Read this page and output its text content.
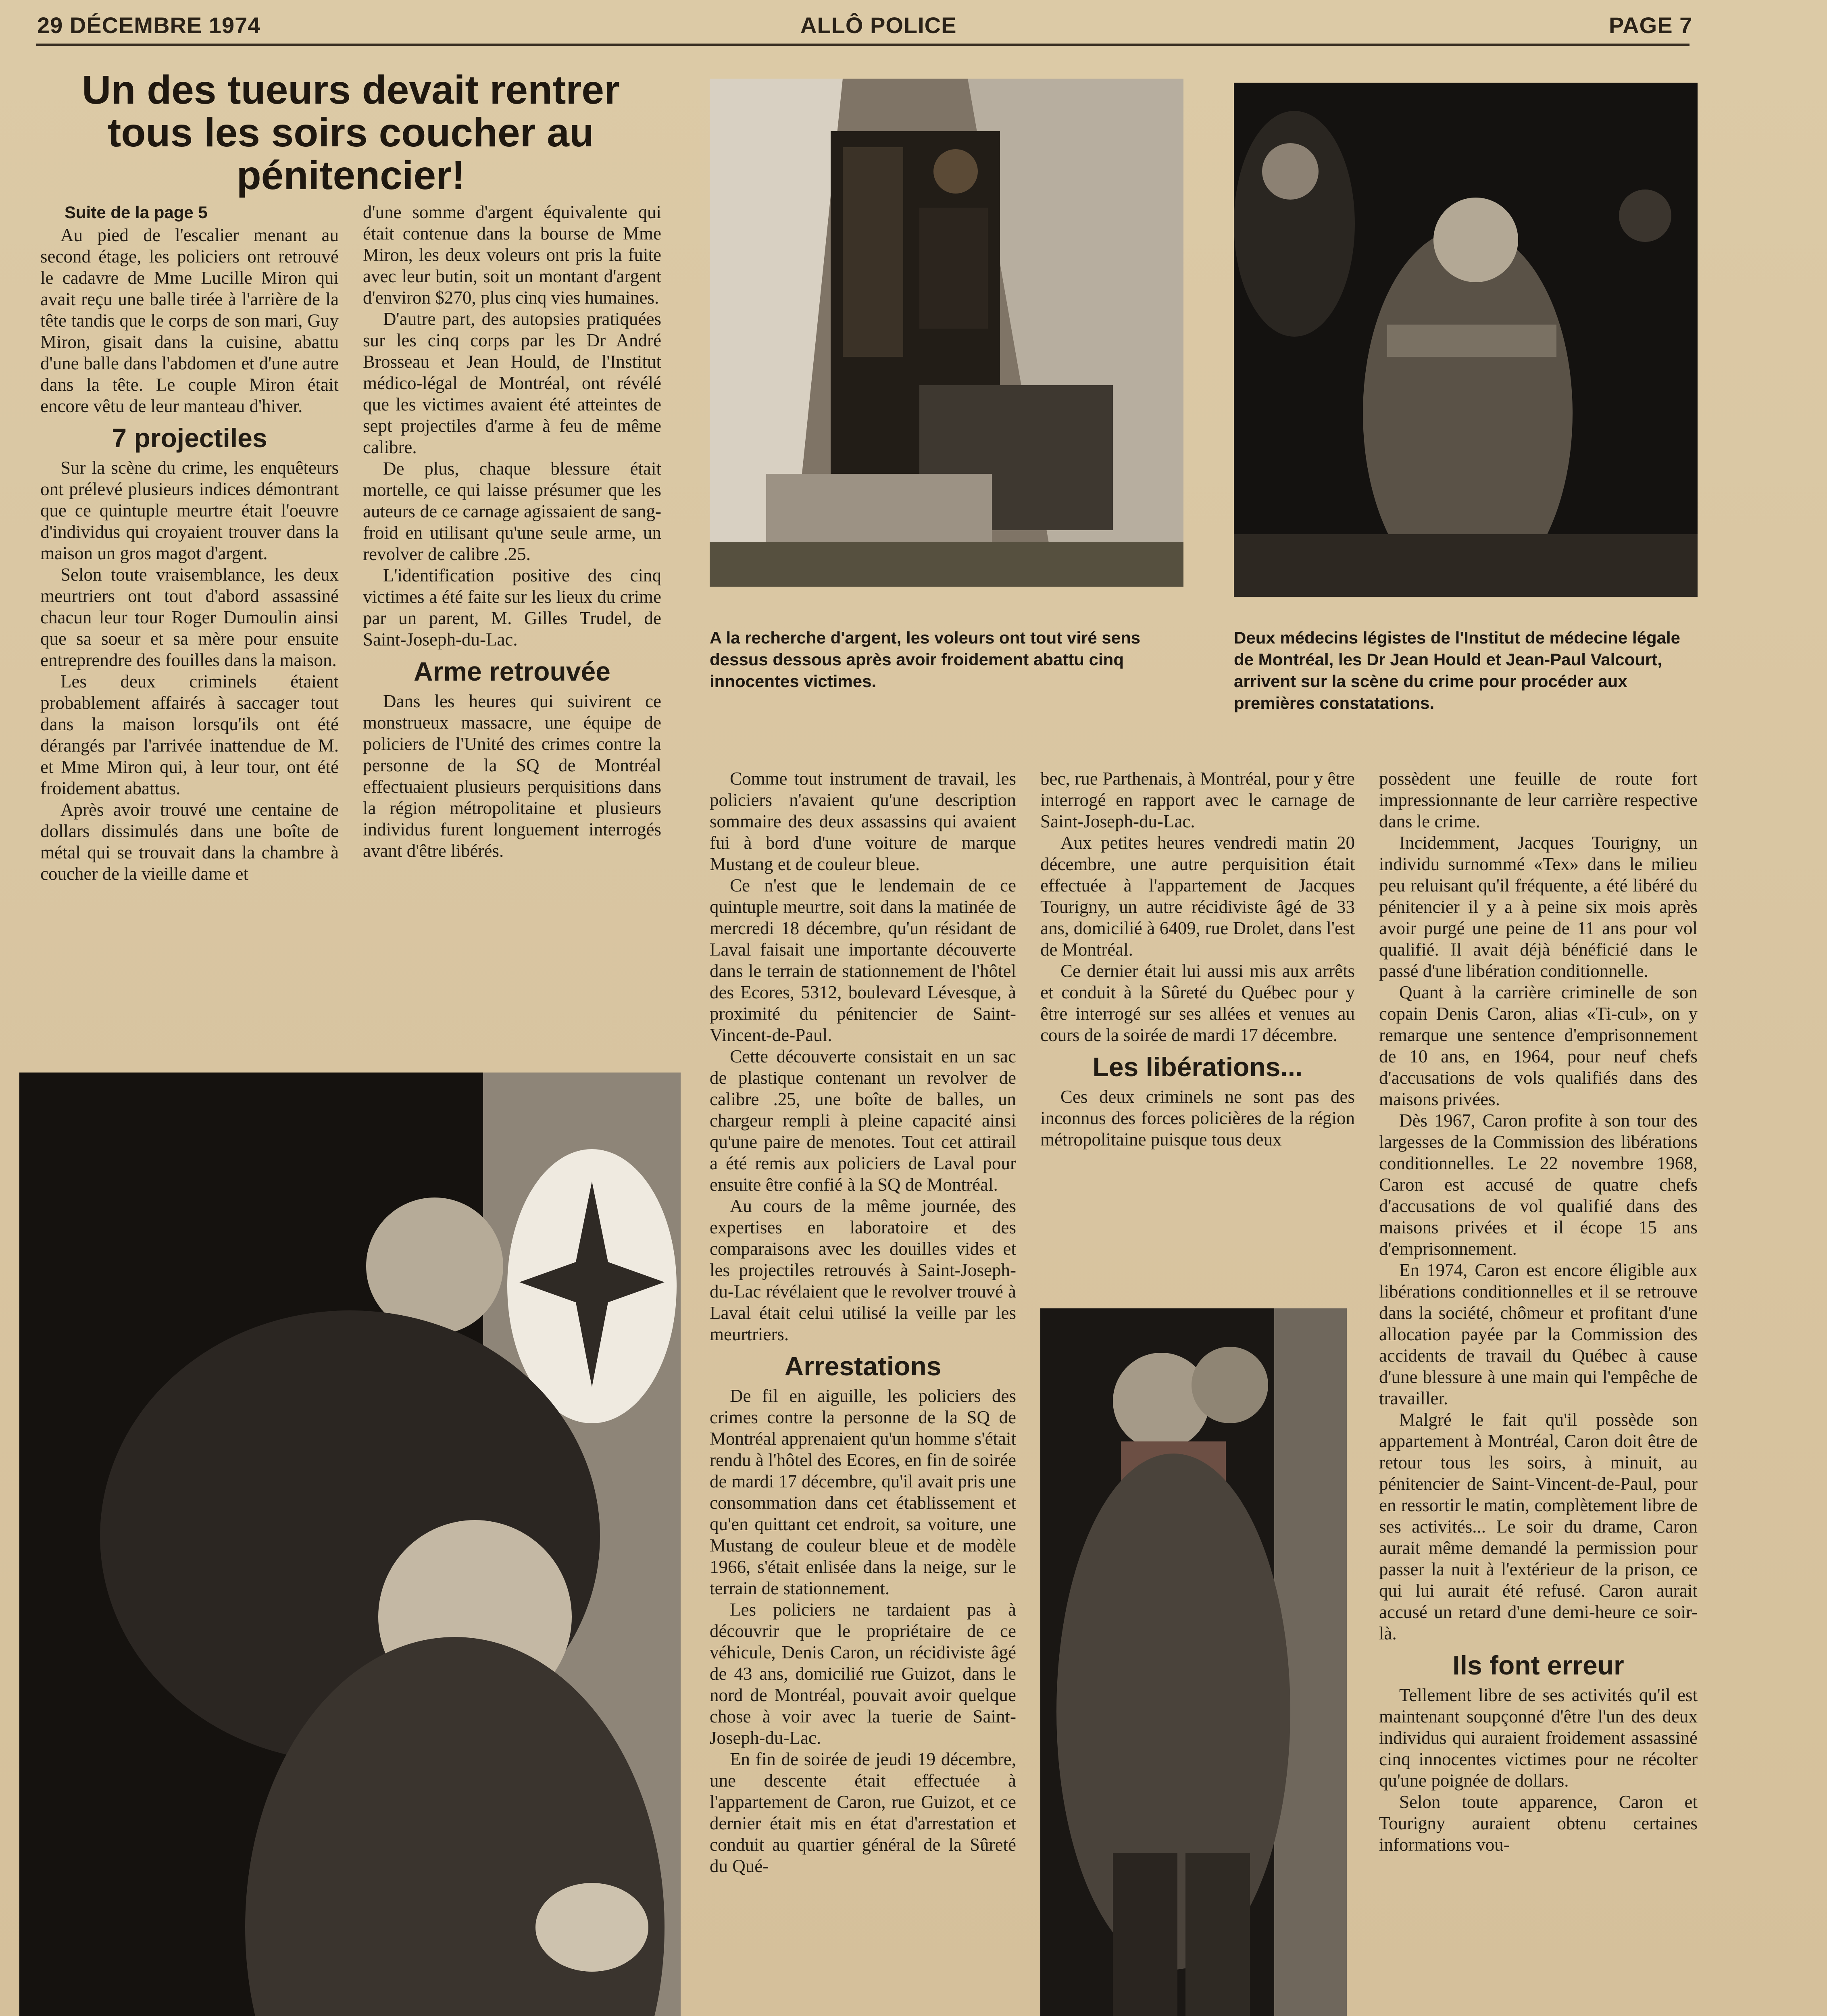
29 DÉCEMBRE 1974	ALLÔ POLICE	PAGE 7
Un des tueurs devait rentrer tous les soirs coucher au pénitencier!

Suite de la page 5

Au pied de l'escalier menant au second étage, les policiers ont retrouvé le cadavre de Mme Lucille Miron qui avait reçu une balle tirée à l'arrière de la tête tandis que le corps de son mari, Guy Miron, gisait dans la cuisine, abattu d'une balle dans l'abdomen et d'une autre dans la tête. Le couple Miron était encore vêtu de leur manteau d'hiver.

7 projectiles

Sur la scène du crime, les enquêteurs ont prélevé plusieurs indices démontrant que ce quintuple meurtre était l'oeuvre d'individus qui croyaient trouver dans la maison un gros magot d'argent.

Selon toute vraisemblance, les deux meurtriers ont tout d'abord assassiné chacun leur tour Roger Dumoulin ainsi que sa soeur et sa mère pour ensuite entreprendre des fouilles dans la maison.

Les deux criminels étaient probablement affairés à saccager tout dans la maison lorsqu'ils ont été dérangés par l'arrivée inattendue de M. et Mme Miron qui, à leur tour, ont été froidement abattus.

Après avoir trouvé une centaine de dollars dissimulés dans une boîte de métal qui se trouvait dans la chambre à coucher de la vieille dame et

d'une somme d'argent équivalente qui était contenue dans la bourse de Mme Miron, les deux voleurs ont pris la fuite avec leur butin, soit un montant d'argent d'environ $270, plus cinq vies humaines.

D'autre part, des autopsies pratiquées sur les cinq corps par les Dr André Brosseau et Jean Hould, de l'Institut médico-légal de Montréal, ont révélé que les victimes avaient été atteintes de sept projectiles d'arme à feu de même calibre.

De plus, chaque blessure était mortelle, ce qui laisse présumer que les auteurs de ce carnage agissaient de sang-froid en utilisant qu'une seule arme, un revolver de calibre .25.

L'identification positive des cinq victimes a été faite sur les lieux du crime par un parent, M. Gilles Trudel, de Saint-Joseph-du-Lac.

Arme retrouvée

Dans les heures qui suivirent ce monstrueux massacre, une équipe de policiers de l'Unité des crimes contre la personne de la SQ de Montréal effectuaient plusieurs perquisitions dans la région métropolitaine et plusieurs individus furent longuement interrogés avant d'être libérés.

A la recherche d'argent, les voleurs ont tout viré sens dessus dessous après avoir froidement abattu cinq innocentes victimes.
Deux médecins légistes de l'Institut de médecine légale de Montréal, les Dr Jean Hould et Jean-Paul Valcourt, arrivent sur la scène du crime pour procéder aux premières constatations.

Comme tout instrument de travail, les policiers n'avaient qu'une description sommaire des deux assassins qui avaient fui à bord d'une voiture de marque Mustang et de couleur bleue.

Ce n'est que le lendemain de ce quintuple meurtre, soit dans la matinée de mercredi 18 décembre, qu'un résidant de Laval faisait une importante découverte dans le terrain de stationnement de l'hôtel des Ecores, 5312, boulevard Lévesque, à proximité du pénitencier de Saint-Vincent-de-Paul.

Cette découverte consistait en un sac de plastique contenant un revolver de calibre .25, une boîte de balles, un chargeur rempli à pleine capacité ainsi qu'une paire de menotes. Tout cet attirail a été remis aux policiers de Laval pour ensuite être confié à la SQ de Montréal.

Au cours de la même journée, des expertises en laboratoire et des comparaisons avec les douilles vides et les projectiles retrouvés à Saint-Joseph-du-Lac révélaient que le revolver trouvé à Laval était celui utilisé la veille par les meurtriers.

Arrestations

De fil en aiguille, les policiers des crimes contre la personne de la SQ de Montréal apprenaient qu'un homme s'était rendu à l'hôtel des Ecores, en fin de soirée de mardi 17 décembre, qu'il avait pris une consommation dans cet établissement et qu'en quittant cet endroit, sa voiture, une Mustang de couleur bleue et de modèle 1966, s'était enlisée dans la neige, sur le terrain de stationnement.

Les policiers ne tardaient pas à découvrir que le propriétaire de ce véhicule, Denis Caron, un récidiviste âgé de 43 ans, domicilié rue Guizot, dans le nord de Montréal, pouvait avoir quelque chose à voir avec la tuerie de Saint-Joseph-du-Lac.

En fin de soirée de jeudi 19 décembre, une descente était effectuée à l'appartement de Caron, rue Guizot, et ce dernier était mis en état d'arrestation et conduit au quartier général de la Sûreté du Qué-

bec, rue Parthenais, à Montréal, pour y être interrogé en rapport avec le carnage de Saint-Joseph-du-Lac.

Aux petites heures vendredi matin 20 décembre, une autre perquisition était effectuée à l'appartement de Jacques Tourigny, un autre récidiviste âgé de 33 ans, domicilié à 6409, rue Drolet, dans l'est de Montréal.

Ce dernier était lui aussi mis aux arrêts et conduit à la Sûreté du Québec pour y être interrogé sur ses allées et venues au cours de la soirée de mardi 17 décembre.

Les libérations...

Ces deux criminels ne sont pas des inconnus des forces policières de la région métropolitaine puisque tous deux

possèdent une feuille de route fort impressionnante de leur carrière respective dans le crime.

Incidemment, Jacques Tourigny, un individu surnommé «Tex» dans le milieu peu reluisant qu'il fréquente, a été libéré du pénitencier il y a à peine six mois après avoir purgé une peine de 11 ans pour vol qualifié. Il avait déjà bénéficié dans le passé d'une libération conditionnelle.

Quant à la carrière criminelle de son copain Denis Caron, alias «Ti-cul», on y remarque une sentence d'emprisonnement de 10 ans, en 1964, pour neuf chefs d'accusations de vols qualifiés dans des maisons privées.

Dès 1967, Caron profite à son tour des largesses de la Commission des libérations conditionnelles. Le 22 novembre 1968, Caron est accusé de quatre chefs d'accusations de vol qualifié dans des maisons privées et il écope 15 ans d'emprisonnement.

En 1974, Caron est encore éligible aux libérations conditionnelles et il se retrouve dans la société, chômeur et profitant d'une allocation payée par la Commission des accidents de travail du Québec à cause d'une blessure à une main qui l'empêche de travailler.

Malgré le fait qu'il possède son appartement à Montréal, Caron doit être de retour tous les soirs, à minuit, au pénitencier de Saint-Vincent-de-Paul, pour en ressortir le matin, complètement libre de ses activités... Le soir du drame, Caron aurait même demandé la permission pour passer la nuit à l'extérieur de la prison, ce qui lui aurait été refusé. Caron aurait accusé un retard d'une demi-heure ce soir-là.

Ils font erreur

Tellement libre de ses activités qu'il est maintenant soupçonné d'être l'un des deux individus qui auraient froidement assassiné cinq innocentes victimes pour ne récolter qu'une poignée de dollars.

Selon toute apparence, Caron et Tourigny auraient obtenu certaines informations vou-
